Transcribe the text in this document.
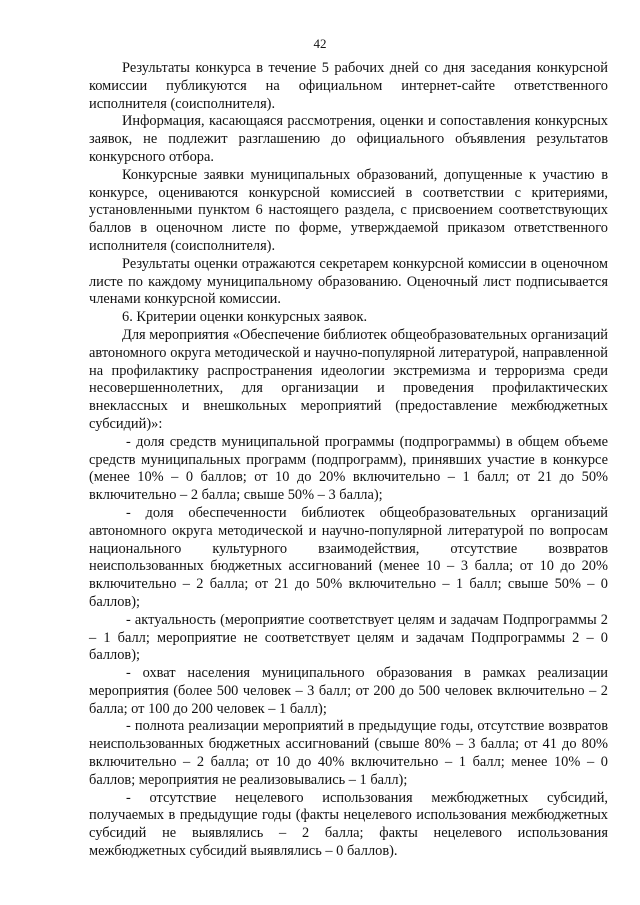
42

Результаты конкурса в течение 5 рабочих дней со дня заседания конкурсной комиссии публикуются на официальном интернет-сайте ответственного исполнителя (соисполнителя).

Информация, касающаяся рассмотрения, оценки и сопоставления конкурсных заявок, не подлежит разглашению до официального объявления результатов конкурсного отбора.

Конкурсные заявки муниципальных образований, допущенные к участию в конкурсе, оцениваются конкурсной комиссией в соответствии с критериями, установленными пунктом 6 настоящего раздела, с присвоением соответствующих баллов в оценочном листе по форме, утверждаемой приказом ответственного исполнителя (соисполнителя).

Результаты оценки отражаются секретарем конкурсной комиссии в оценочном листе по каждому муниципальному образованию. Оценочный лист подписывается членами конкурсной комиссии.

6. Критерии оценки конкурсных заявок.

Для мероприятия «Обеспечение библиотек общеобразовательных организаций автономного округа методической и научно-популярной литературой, направленной на профилактику распространения идеологии экстремизма и терроризма среди несовершеннолетних, для организации и проведения профилактических внеклассных и внешкольных мероприятий (предоставление межбюджетных субсидий)»:

- доля средств муниципальной программы (подпрограммы) в общем объеме средств муниципальных программ (подпрограмм), принявших участие в конкурсе (менее 10% – 0 баллов; от 10 до 20% включительно – 1 балл; от 21 до 50% включительно – 2 балла; свыше 50% – 3 балла);

- доля обеспеченности библиотек общеобразовательных организаций автономного округа методической и научно-популярной литературой по вопросам национального культурного взаимодействия, отсутствие возвратов неиспользованных бюджетных ассигнований (менее 10 – 3 балла; от 10 до 20% включительно – 2 балла; от 21 до 50% включительно – 1 балл; свыше 50% – 0 баллов);

- актуальность (мероприятие соответствует целям и задачам Подпрограммы 2 – 1 балл; мероприятие не соответствует целям и задачам Подпрограммы 2 – 0 баллов);

- охват населения муниципального образования в рамках реализации мероприятия (более 500 человек – 3 балл; от 200 до 500 человек включительно – 2 балла; от 100 до 200 человек – 1 балл);

- полнота реализации мероприятий в предыдущие годы, отсутствие возвратов неиспользованных бюджетных ассигнований (свыше 80% – 3 балла; от 41 до 80% включительно – 2 балла; от 10 до 40% включительно – 1 балл; менее 10% – 0 баллов; мероприятия не реализовывались – 1 балл);

- отсутствие нецелевого использования межбюджетных субсидий, получаемых в предыдущие годы (факты нецелевого использования межбюджетных субсидий не выявлялись – 2 балла; факты нецелевого использования межбюджетных субсидий выявлялись – 0 баллов).
